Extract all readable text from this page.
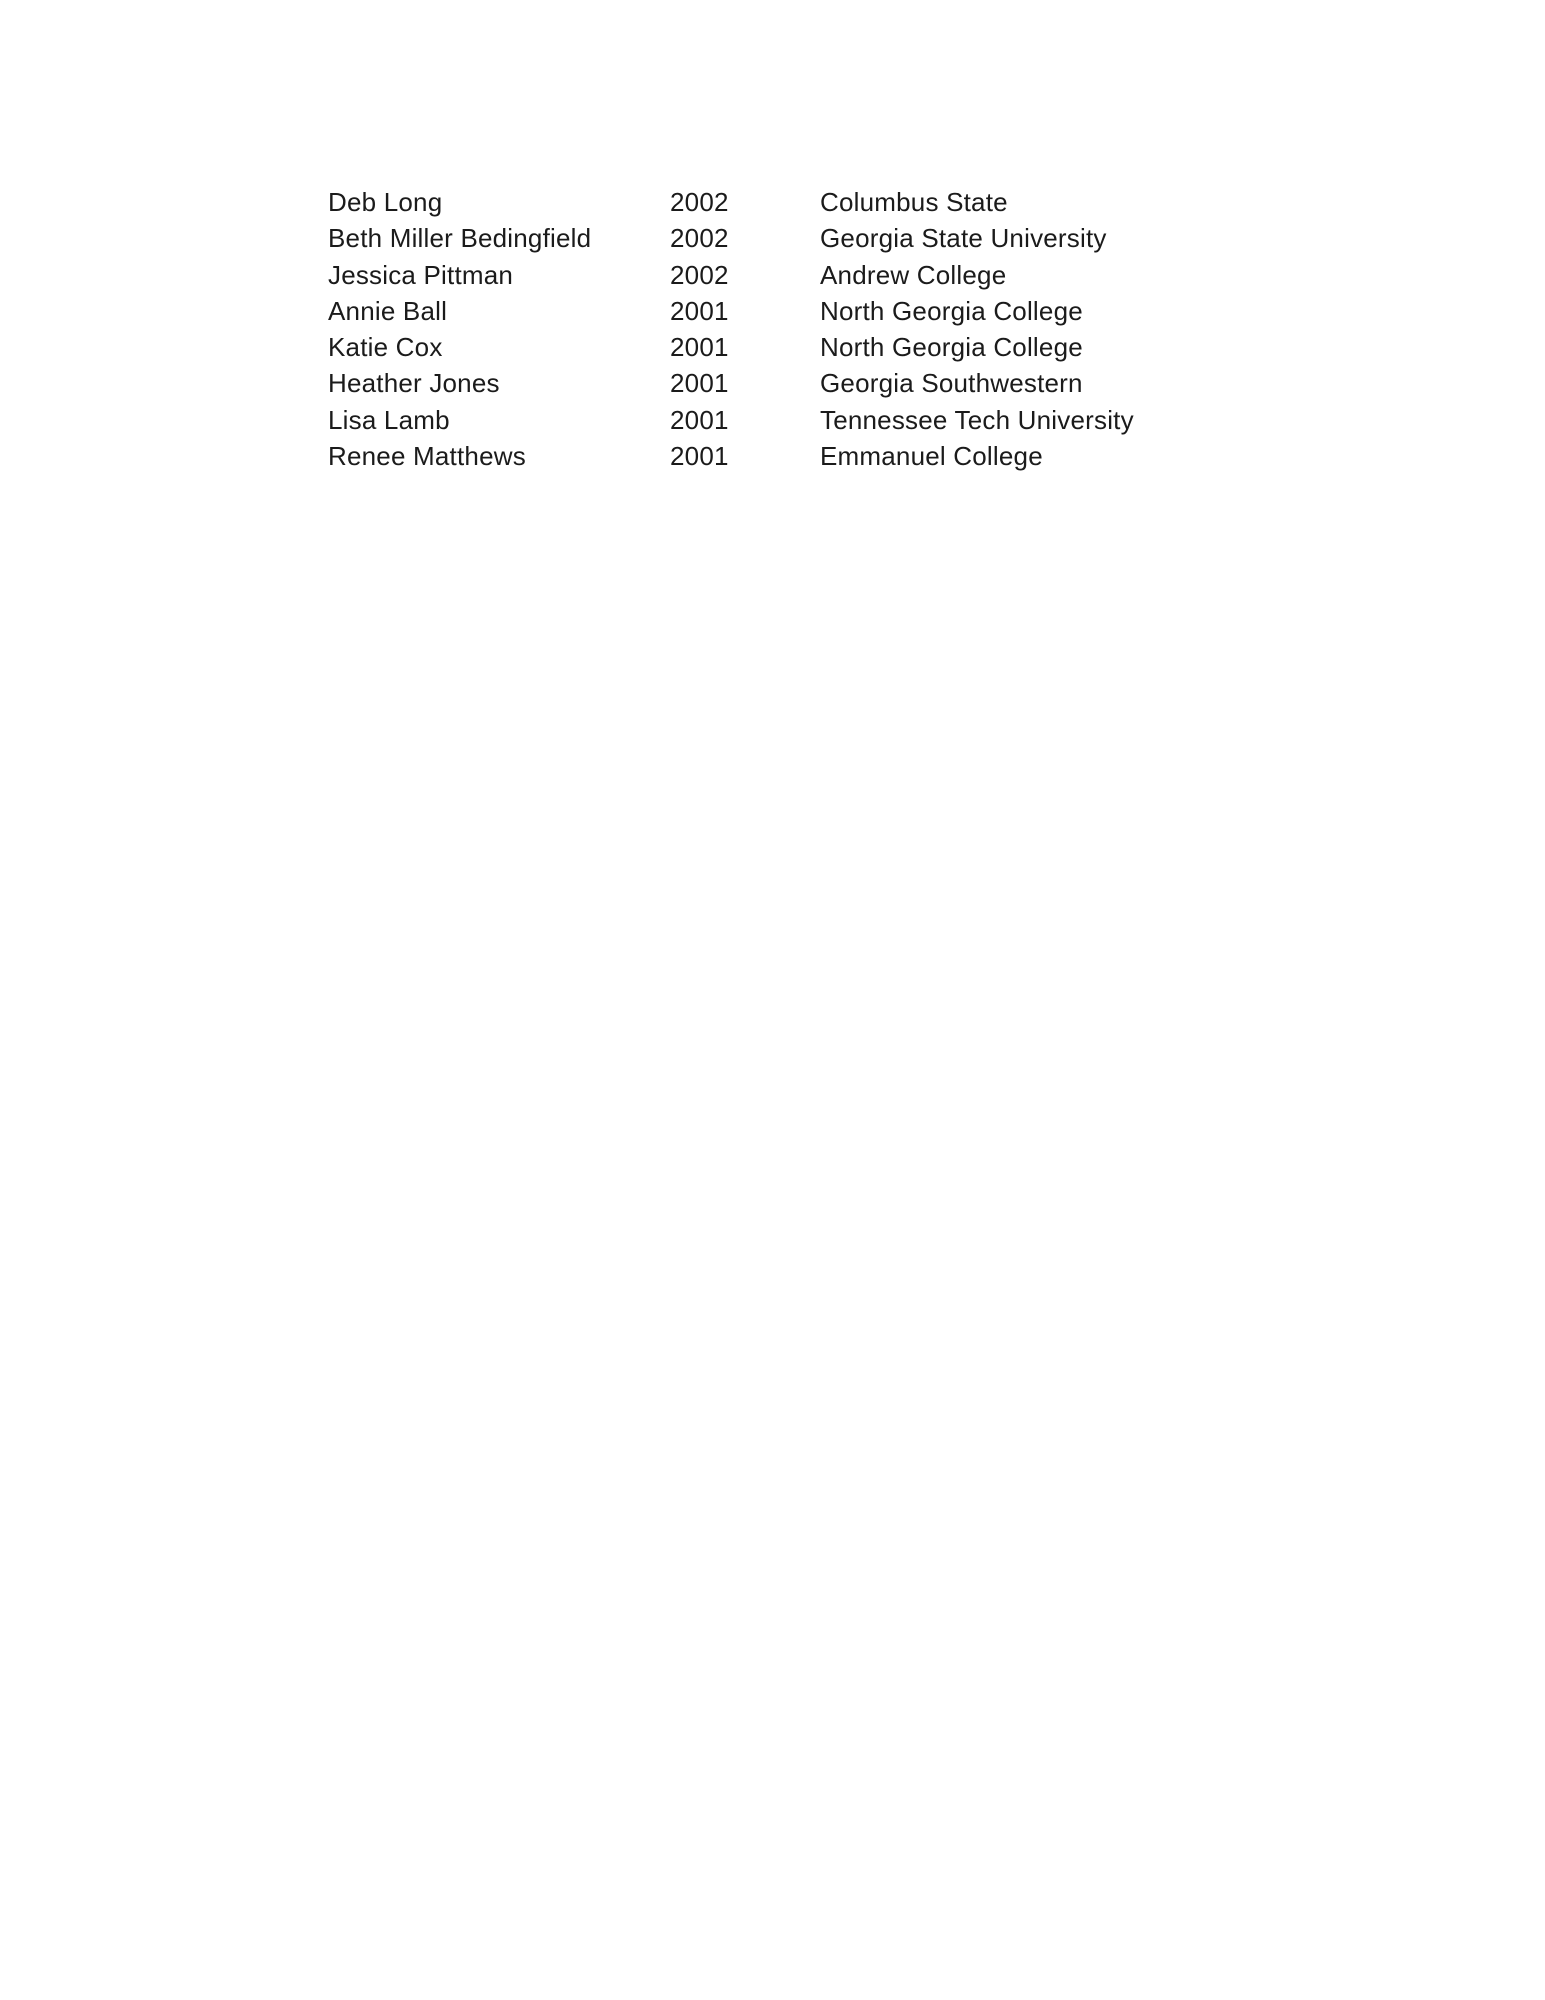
Deb Long	2002	Columbus State
Beth Miller Bedingfield	2002	Georgia State University
Jessica Pittman	2002	Andrew College
Annie Ball	2001	North Georgia College
Katie Cox	2001	North Georgia College
Heather Jones	2001	Georgia Southwestern
Lisa Lamb	2001	Tennessee Tech University
Renee Matthews	2001	Emmanuel College
